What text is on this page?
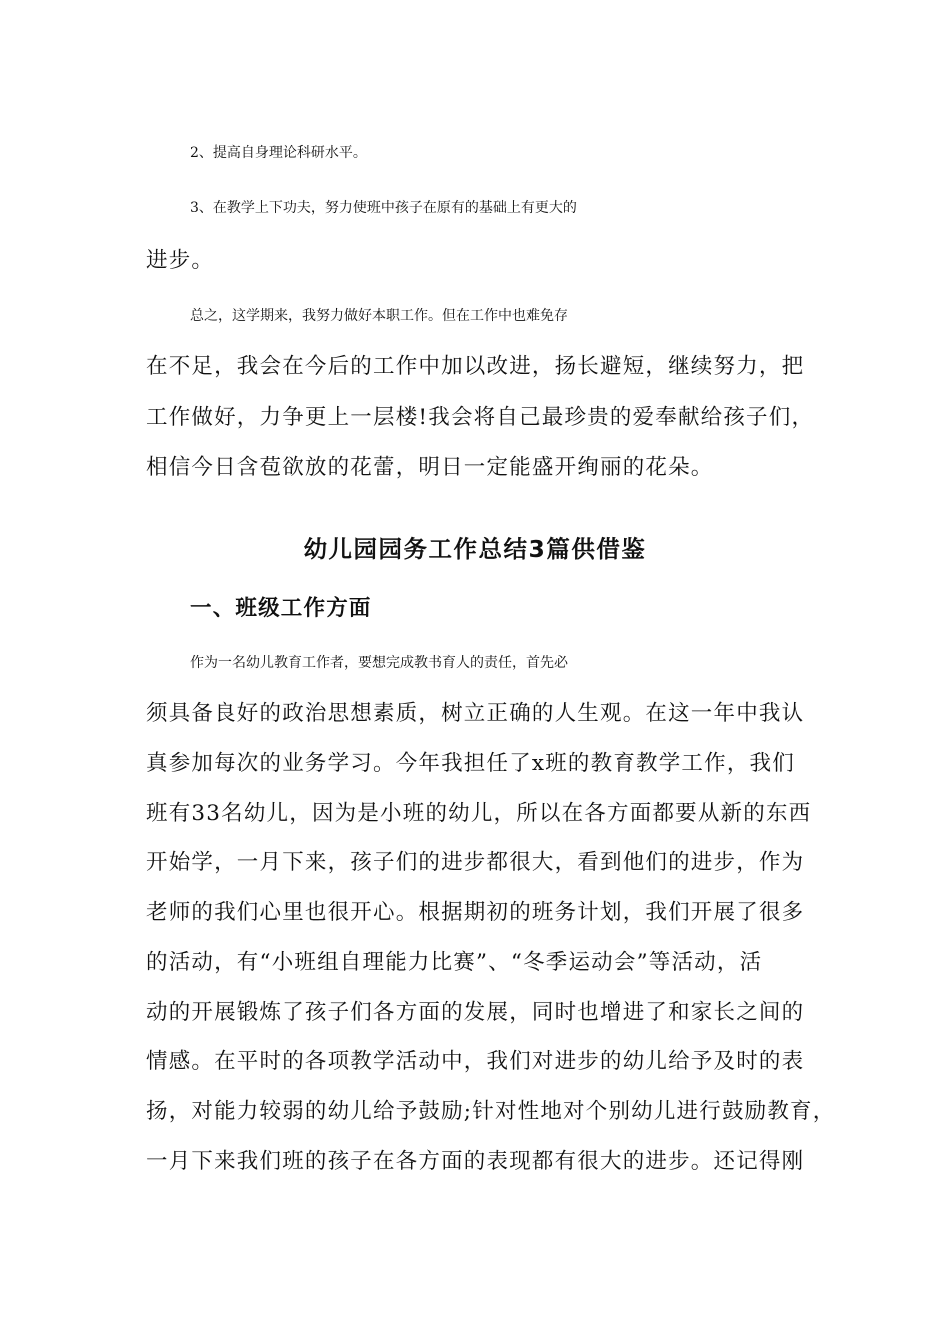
2、提高自身理论科研水平。
3、在教学上下功夫，努力使班中孩子在原有的基础上有更大的
进步。
总之，这学期来，我努力做好本职工作。但在工作中也难免存
在不足，我会在今后的工作中加以改进，扬长避短，继续努力，把
工作做好，力争更上一层楼!我会将自己最珍贵的爱奉献给孩子们，
相信今日含苞欲放的花蕾，明日一定能盛开绚丽的花朵。
幼儿园园务工作总结3篇供借鉴
一、班级工作方面
作为一名幼儿教育工作者，要想完成教书育人的责任，首先必
须具备良好的政治思想素质，树立正确的人生观。在这一年中我认
真参加每次的业务学习。今年我担任了x班的教育教学工作，我们
班有33名幼儿，因为是小班的幼儿，所以在各方面都要从新的东西
开始学，一月下来，孩子们的进步都很大，看到他们的进步，作为
老师的我们心里也很开心。根据期初的班务计划，我们开展了很多
的活动，有“小班组自理能力比赛”、“冬季运动会”等活动，活
动的开展锻炼了孩子们各方面的发展，同时也增进了和家长之间的
情感。在平时的各项教学活动中，我们对进步的幼儿给予及时的表
扬，对能力较弱的幼儿给予鼓励;针对性地对个别幼儿进行鼓励教育，
一月下来我们班的孩子在各方面的表现都有很大的进步。还记得刚
